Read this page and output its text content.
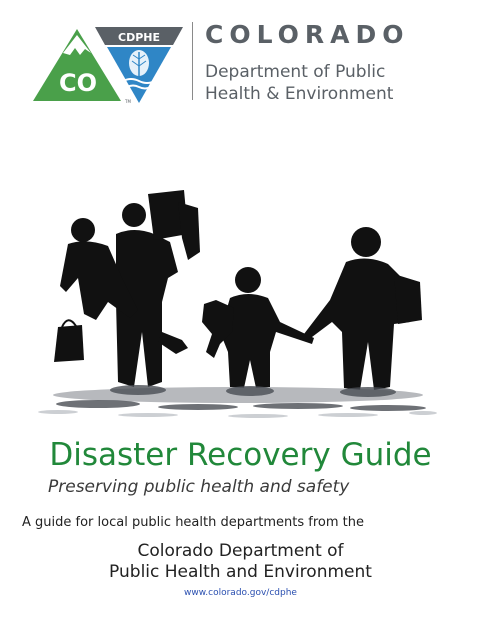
CO
CDPHE
TM
COLORADO
Department of Public
Health & Environment
Disaster Recovery Guide
Preserving public health and safety
A guide for local public health departments from the
Colorado Department of
Public Health and Environment
www.colorado.gov/cdphe
